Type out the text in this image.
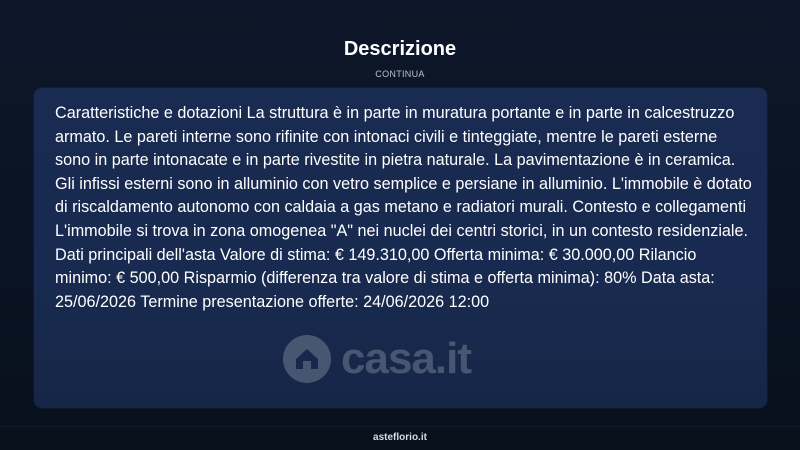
Descrizione
CONTINUA

Caratteristiche e dotazioni La struttura è in parte in muratura portante e in parte in calcestruzzo armato. Le pareti interne sono rifinite con intonaci civili e tinteggiate, mentre le pareti esterne sono in parte intonacate e in parte rivestite in pietra naturale. La pavimentazione è in ceramica. Gli infissi esterni sono in alluminio con vetro semplice e persiane in alluminio. L'immobile è dotato di riscaldamento autonomo con caldaia a gas metano e radiatori murali. Contesto e collegamenti L'immobile si trova in zona omogenea "A" nei nuclei dei centri storici, in un contesto residenziale. Dati principali dell'asta Valore di stima: € 149.310,00 Offerta minima: € 30.000,00 Rilancio minimo: € 500,00 Risparmio (differenza tra valore di stima e offerta minima): 80% Data asta: 25/06/2026 Termine presentazione offerte: 24/06/2026 12:00

casa.it
asteflorio.it
